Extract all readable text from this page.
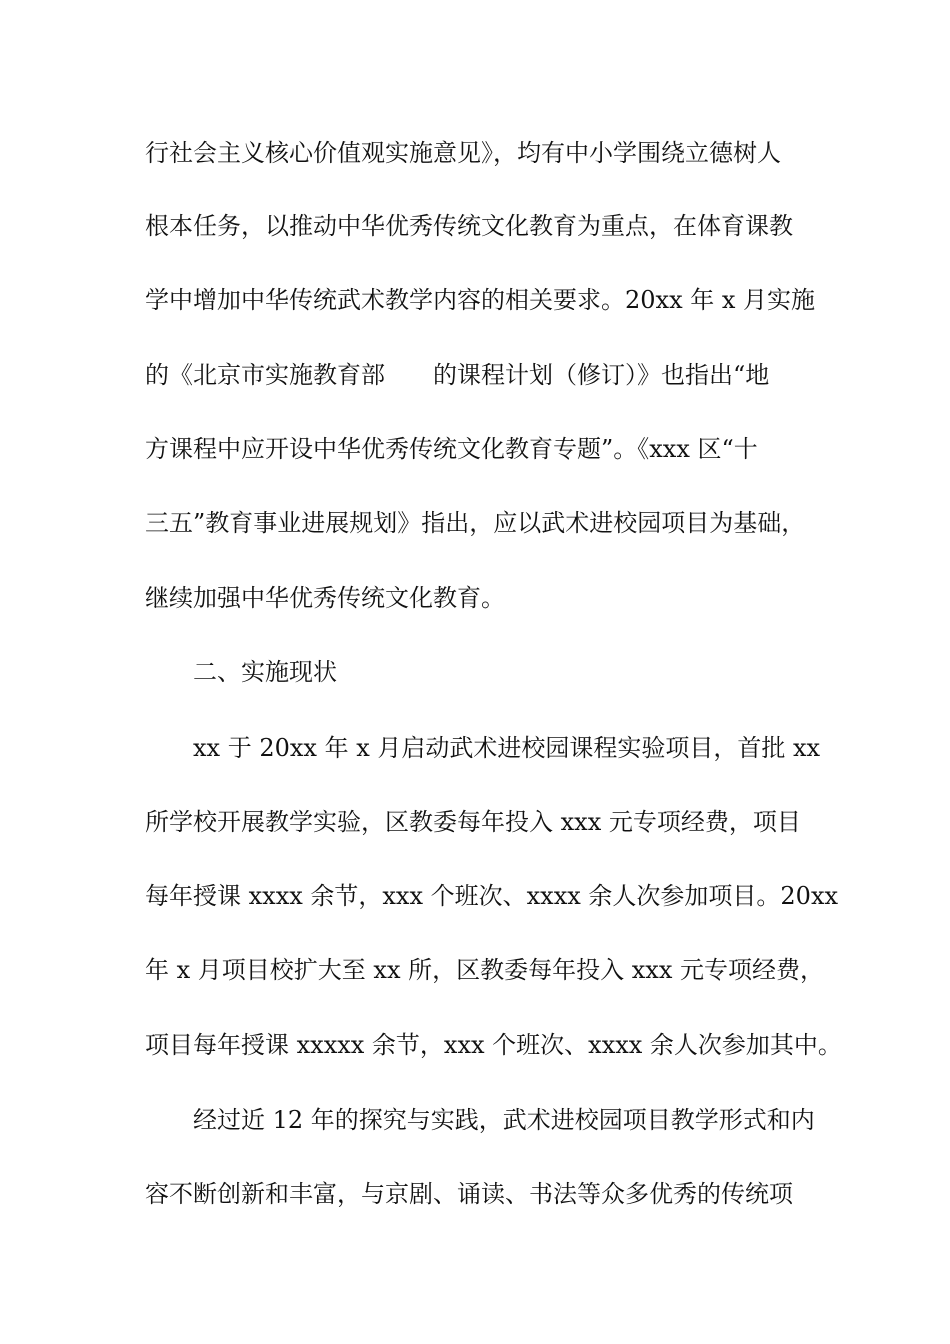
行社会主义核心价值观实施意见》，均有中小学围绕立德树人
根本任务，以推动中华优秀传统文化教育为重点，在体育课教
学中增加中华传统武术教学内容的相关要求。20xx 年 x 月实施
的《北京市实施教育部　　的课程计划（修订）》也指出“地
方课程中应开设中华优秀传统文化教育专题”。《xxx 区“十
三五”教育事业进展规划》指出，应以武术进校园项目为基础，
继续加强中华优秀传统文化教育。
二、实施现状
xx 于 20xx 年 x 月启动武术进校园课程实验项目，首批 xx
所学校开展教学实验，区教委每年投入 xxx 元专项经费，项目
每年授课 xxxx 余节，xxx 个班次、xxxx 余人次参加项目。20xx
年 x 月项目校扩大至 xx 所，区教委每年投入 xxx 元专项经费，
项目每年授课 xxxxx 余节，xxx 个班次、xxxx 余人次参加其中。
经过近 12 年的探究与实践，武术进校园项目教学形式和内
容不断创新和丰富，与京剧、诵读、书法等众多优秀的传统项
